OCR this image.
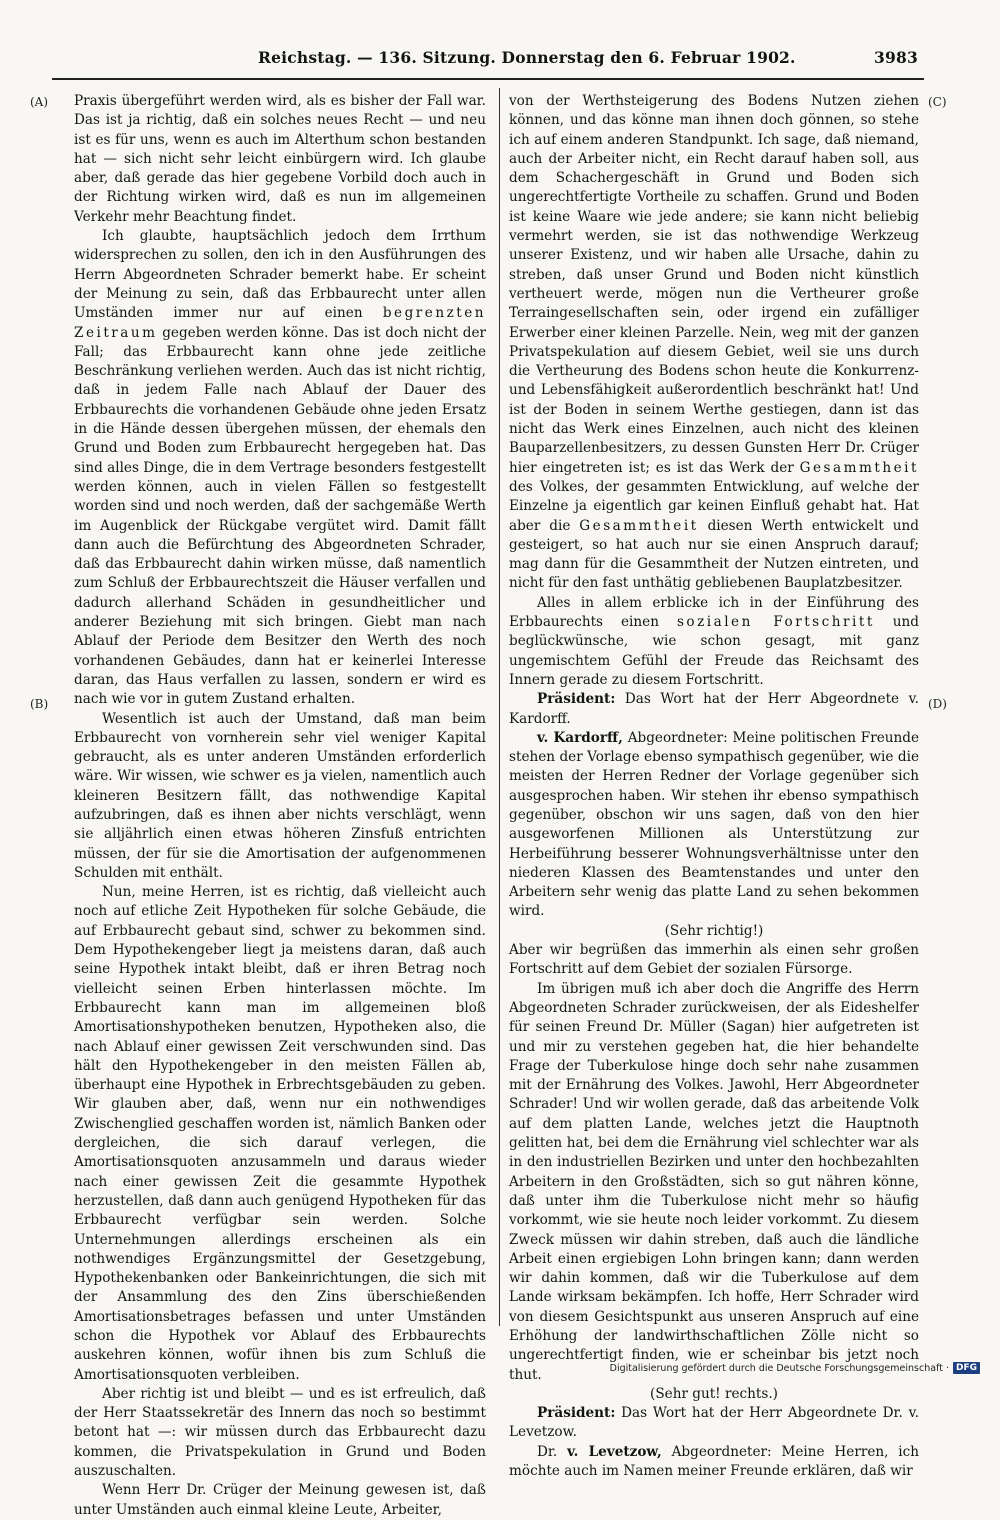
Reichstag. — 136. Sitzung. Donnerstag den 6. Februar 1902.	3983
(A)
(B)
(C)
(D)

Praxis übergeführt werden wird, als es bisher der Fall war. Das ist ja richtig, daß ein solches neues Recht — und neu ist es für uns, wenn es auch im Alterthum schon bestanden hat — sich nicht sehr leicht einbürgern wird. Ich glaube aber, daß gerade das hier gegebene Vorbild doch auch in der Richtung wirken wird, daß es nun im allgemeinen Verkehr mehr Beachtung findet.

Ich glaubte, hauptsächlich jedoch dem Irrthum widersprechen zu sollen, den ich in den Ausführungen des Herrn Abgeordneten Schrader bemerkt habe. Er scheint der Meinung zu sein, daß das Erbbaurecht unter allen Umständen immer nur auf einen begrenzten Zeitraum gegeben werden könne. Das ist doch nicht der Fall; das Erbbaurecht kann ohne jede zeitliche Beschränkung verliehen werden. Auch das ist nicht richtig, daß in jedem Falle nach Ablauf der Dauer des Erbbaurechts die vorhandenen Gebäude ohne jeden Ersatz in die Hände dessen übergehen müssen, der ehemals den Grund und Boden zum Erbbaurecht hergegeben hat. Das sind alles Dinge, die in dem Vertrage besonders festgestellt werden können, auch in vielen Fällen so festgestellt worden sind und noch werden, daß der sachgemäße Werth im Augenblick der Rückgabe vergütet wird. Damit fällt dann auch die Befürchtung des Abgeordneten Schrader, daß das Erbbaurecht dahin wirken müsse, daß namentlich zum Schluß der Erbbaurechtszeit die Häuser verfallen und dadurch allerhand Schäden in gesundheitlicher und anderer Beziehung mit sich bringen. Giebt man nach Ablauf der Periode dem Besitzer den Werth des noch vorhandenen Gebäudes, dann hat er keinerlei Interesse daran, das Haus verfallen zu lassen, sondern er wird es nach wie vor in gutem Zustand erhalten.

Wesentlich ist auch der Umstand, daß man beim Erbbaurecht von vornherein sehr viel weniger Kapital gebraucht, als es unter anderen Umständen erforderlich wäre. Wir wissen, wie schwer es ja vielen, namentlich auch kleineren Besitzern fällt, das nothwendige Kapital aufzubringen, daß es ihnen aber nichts verschlägt, wenn sie alljährlich einen etwas höheren Zinsfuß entrichten müssen, der für sie die Amortisation der aufgenommenen Schulden mit enthält.

Nun, meine Herren, ist es richtig, daß vielleicht auch noch auf etliche Zeit Hypotheken für solche Gebäude, die auf Erbbaurecht gebaut sind, schwer zu bekommen sind. Dem Hypothekengeber liegt ja meistens daran, daß auch seine Hypothek intakt bleibt, daß er ihren Betrag noch vielleicht seinen Erben hinterlassen möchte. Im Erbbaurecht kann man im allgemeinen bloß Amortisationshypotheken benutzen, Hypotheken also, die nach Ablauf einer gewissen Zeit verschwunden sind. Das hält den Hypothekengeber in den meisten Fällen ab, überhaupt eine Hypothek in Erbrechtsgebäuden zu geben. Wir glauben aber, daß, wenn nur ein nothwendiges Zwischenglied geschaffen worden ist, nämlich Banken oder dergleichen, die sich darauf verlegen, die Amortisationsquoten anzusammeln und daraus wieder nach einer gewissen Zeit die gesammte Hypothek herzustellen, daß dann auch genügend Hypotheken für das Erbbaurecht verfügbar sein werden. Solche Unternehmungen allerdings erscheinen als ein nothwendiges Ergänzungsmittel der Gesetzgebung, Hypothekenbanken oder Bankeinrichtungen, die sich mit der Ansammlung des den Zins überschießenden Amortisationsbetrages befassen und unter Umständen schon die Hypothek vor Ablauf des Erbbaurechts auskehren können, wofür ihnen bis zum Schluß die Amortisationsquoten verbleiben.

Aber richtig ist und bleibt — und es ist erfreulich, daß der Herr Staatssekretär des Innern das noch so bestimmt betont hat —: wir müssen durch das Erbbaurecht dazu kommen, die Privatspekulation in Grund und Boden auszuschalten.

Wenn Herr Dr. Crüger der Meinung gewesen ist, daß unter Umständen auch einmal kleine Leute, Arbeiter,

von der Werthsteigerung des Bodens Nutzen ziehen können, und das könne man ihnen doch gönnen, so stehe ich auf einem anderen Standpunkt. Ich sage, daß niemand, auch der Arbeiter nicht, ein Recht darauf haben soll, aus dem Schachergeschäft in Grund und Boden sich ungerechtfertigte Vortheile zu schaffen. Grund und Boden ist keine Waare wie jede andere; sie kann nicht beliebig vermehrt werden, sie ist das nothwendige Werkzeug unserer Existenz, und wir haben alle Ursache, dahin zu streben, daß unser Grund und Boden nicht künstlich vertheuert werde, mögen nun die Vertheurer große Terraingesellschaften sein, oder irgend ein zufälliger Erwerber einer kleinen Parzelle. Nein, weg mit der ganzen Privatspekulation auf diesem Gebiet, weil sie uns durch die Vertheurung des Bodens schon heute die Konkurrenz- und Lebensfähigkeit außerordentlich beschränkt hat! Und ist der Boden in seinem Werthe gestiegen, dann ist das nicht das Werk eines Einzelnen, auch nicht des kleinen Bauparzellenbesitzers, zu dessen Gunsten Herr Dr. Crüger hier eingetreten ist; es ist das Werk der Gesammtheit des Volkes, der gesammten Entwicklung, auf welche der Einzelne ja eigentlich gar keinen Einfluß gehabt hat. Hat aber die Gesammtheit diesen Werth entwickelt und gesteigert, so hat auch nur sie einen Anspruch darauf; mag dann für die Gesammtheit der Nutzen eintreten, und nicht für den fast unthätig gebliebenen Bauplatzbesitzer.

Alles in allem erblicke ich in der Einführung des Erbbaurechts einen sozialen Fortschritt und beglückwünsche, wie schon gesagt, mit ganz ungemischtem Gefühl der Freude das Reichsamt des Innern gerade zu diesem Fortschritt.

Präsident: Das Wort hat der Herr Abgeordnete v. Kardorff.

v. Kardorff, Abgeordneter: Meine politischen Freunde stehen der Vorlage ebenso sympathisch gegenüber, wie die meisten der Herren Redner der Vorlage gegenüber sich ausgesprochen haben. Wir stehen ihr ebenso sympathisch gegenüber, obschon wir uns sagen, daß von den hier ausgeworfenen Millionen als Unterstützung zur Herbeiführung besserer Wohnungsverhältnisse unter den niederen Klassen des Beamtenstandes und unter den Arbeitern sehr wenig das platte Land zu sehen bekommen wird.

(Sehr richtig!)

Aber wir begrüßen das immerhin als einen sehr großen Fortschritt auf dem Gebiet der sozialen Fürsorge.

Im übrigen muß ich aber doch die Angriffe des Herrn Abgeordneten Schrader zurückweisen, der als Eideshelfer für seinen Freund Dr. Müller (Sagan) hier aufgetreten ist und mir zu verstehen gegeben hat, die hier behandelte Frage der Tuberkulose hinge doch sehr nahe zusammen mit der Ernährung des Volkes. Jawohl, Herr Abgeordneter Schrader! Und wir wollen gerade, daß das arbeitende Volk auf dem platten Lande, welches jetzt die Hauptnoth gelitten hat, bei dem die Ernährung viel schlechter war als in den industriellen Bezirken und unter den hochbezahlten Arbeitern in den Großstädten, sich so gut nähren könne, daß unter ihm die Tuberkulose nicht mehr so häufig vorkommt, wie sie heute noch leider vorkommt. Zu diesem Zweck müssen wir dahin streben, daß auch die ländliche Arbeit einen ergiebigen Lohn bringen kann; dann werden wir dahin kommen, daß wir die Tuberkulose auf dem Lande wirksam bekämpfen. Ich hoffe, Herr Schrader wird von diesem Gesichtspunkt aus unseren Anspruch auf eine Erhöhung der landwirthschaftlichen Zölle nicht so ungerechtfertigt finden, wie er scheinbar bis jetzt noch thut.

(Sehr gut! rechts.)

Präsident: Das Wort hat der Herr Abgeordnete Dr. v. Levetzow.

Dr. v. Levetzow, Abgeordneter: Meine Herren, ich möchte auch im Namen meiner Freunde erklären, daß wir

Digitalisierung gefördert durch die Deutsche Forschungsgemeinschaft · DFG
